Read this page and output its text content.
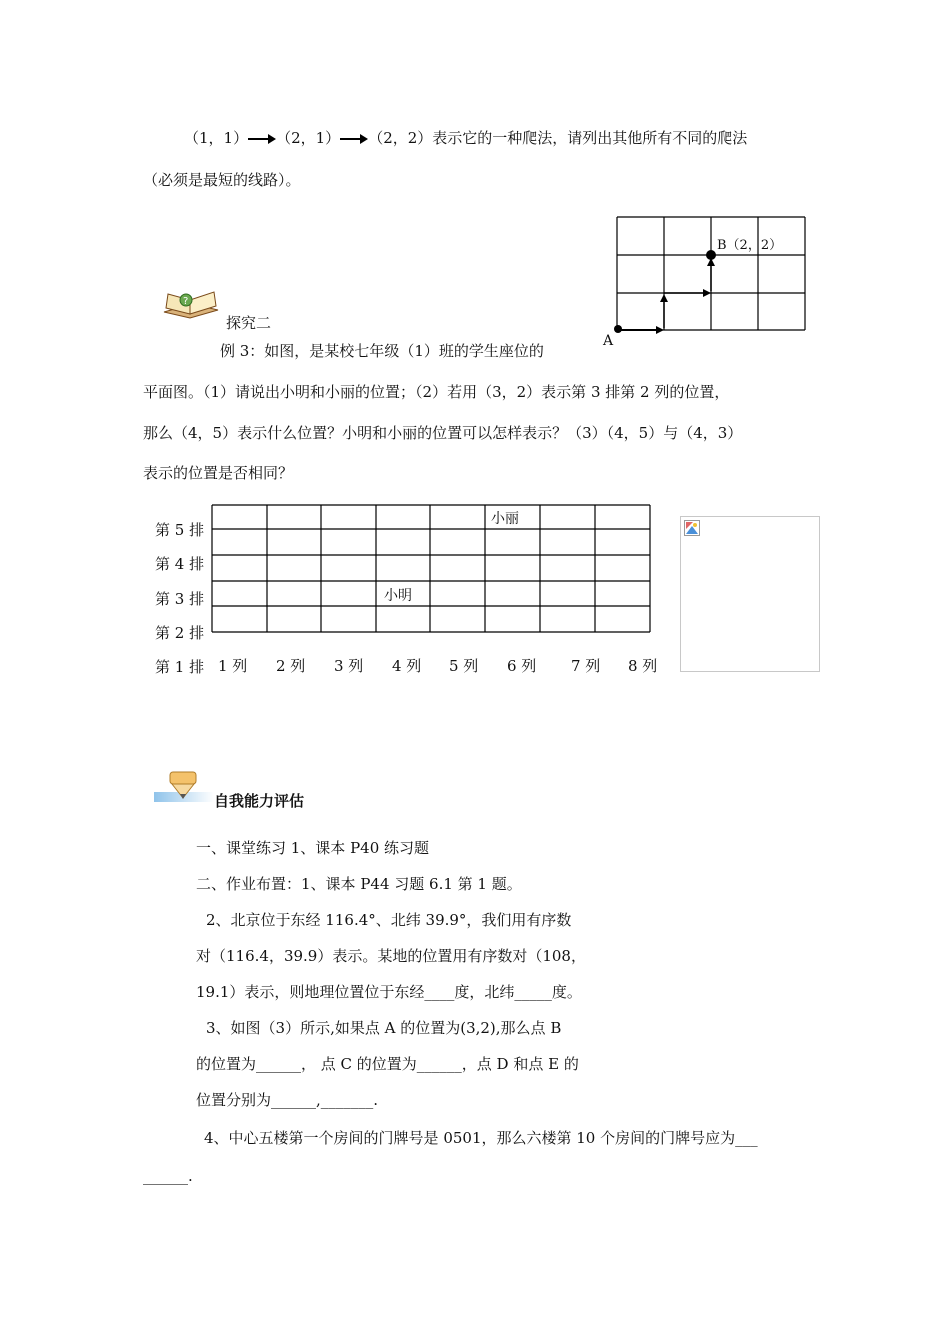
（1，1） （2，1） （2，2）表示它的一种爬法，请列出其他所有不同的爬法
（必须是最短的线路）。
B（2，2）
A
?
探究二
例 3：如图，是某校七年级（1）班的学生座位的
平面图。（1）请说出小明和小丽的位置；（2）若用（3，2）表示第 3 排第 2 列的位置，
那么（4，5）表示什么位置？小明和小丽的位置可以怎样表示？（3）（4，5）与（4，3）
表示的位置是否相同？
小丽
小明
第 5 排
第 4 排
第 3 排
第 2 排
第 1 排 1 列 2 列 3 列 4 列 5 列 6 列 7 列 8 列
自我能力评估
一、课堂练习 1、课本 P40 练习题
二、作业布置：1、课本 P44 习题 6.1 第 1 题。
2、北京位于东经 116.4°、北纬 39.9°，我们用有序数
对（116.4，39.9）表示。某地的位置用有序数对（108，
19.1）表示，则地理位置位于东经____度，北纬_____度。
3、如图（3）所示,如果点 A 的位置为(3,2),那么点 B
的位置为______， 点 C 的位置为______，点 D 和点 E 的
位置分别为______,_______.
4、中心五楼第一个房间的门牌号是 0501，那么六楼第 10 个房间的门牌号应为___
______.
